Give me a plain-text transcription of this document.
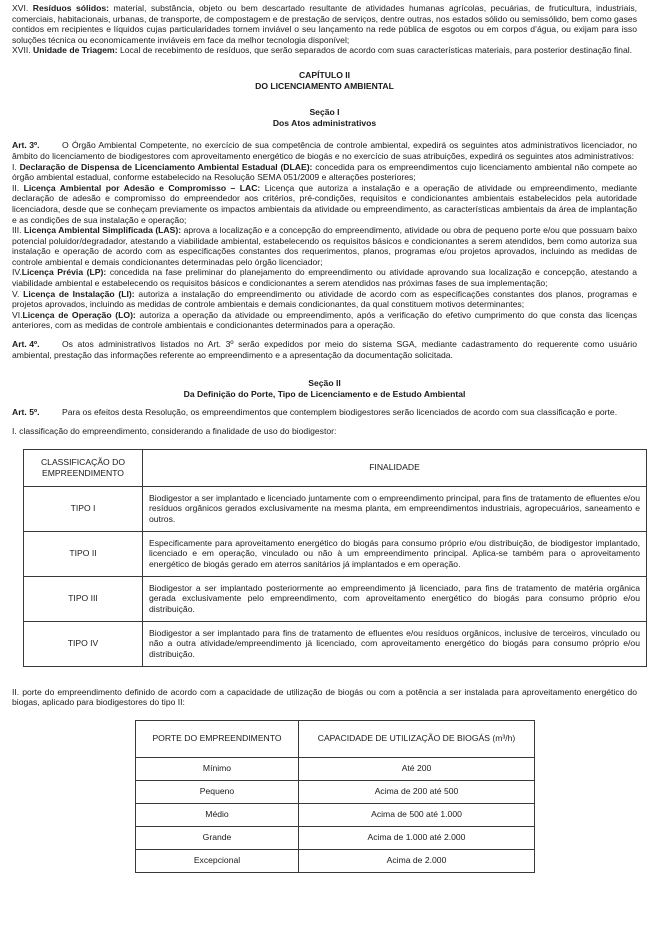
XVI. Resíduos sólidos: material, substância, objeto ou bem descartado resultante de atividades humanas agrícolas, pecuárias, de fruticultura, industriais, comerciais, habitacionais, urbanas, de transporte, de compostagem e de prestação de serviços, dentre outras, nos estados sólido ou semissólido, bem como gases contidos em recipientes e líquidos cujas particularidades tornem inviável o seu lançamento na rede pública de esgotos ou em corpos d’água, ou exijam para isso soluções técnica ou economicamente inviáveis em face da melhor tecnologia disponível;

XVII. Unidade de Triagem: Local de recebimento de resíduos, que serão separados de acordo com suas características materiais, para posterior destinação final.

CAPÍTULO II

DO LICENCIAMENTO AMBIENTAL

Seção I

Dos Atos administrativos

Art. 3º.	O Órgão Ambiental Competente, no exercício de sua competência de controle ambiental, expedirá os seguintes atos administrativos licenciador, no âmbito do licenciamento de biodigestores com aproveitamento energético de biogás e no exercício de suas atribuições, expedirá os seguintes atos administrativos:

I. Declaração de Dispensa de Licenciamento Ambiental Estadual (DLAE): concedida para os empreendimentos cujo licenciamento ambiental não compete ao órgão ambiental estadual, conforme estabelecido na Resolução SEMA 051/2009 e alterações posteriores;

II. Licença Ambiental por Adesão e Compromisso – LAC: Licença que autoriza a instalação e a operação de atividade ou empreendimento, mediante declaração de adesão e compromisso do empreendedor aos critérios, pré-condições, requisitos e condicionantes ambientais estabelecidos pela autoridade licenciadora, desde que se conheçam previamente os impactos ambientais da atividade ou empreendimento, as características ambientais da área de implantação e as condições de sua instalação e operação;

III. Licença Ambiental Simplificada (LAS): aprova a localização e a concepção do empreendimento, atividade ou obra de pequeno porte e/ou que possuam baixo potencial poluidor/degradador, atestando a viabilidade ambiental, estabelecendo os requisitos básicos e condicionantes a serem atendidos, bem como autoriza sua instalação e operação de acordo com as especificações constantes dos requerimentos, planos, programas e/ou projetos aprovados, incluindo as medidas de controle ambiental e demais condicionantes determinadas pelo órgão licenciador;

IV.Licença Prévia (LP): concedida na fase preliminar do planejamento do empreendimento ou atividade aprovando sua localização e concepção, atestando a viabilidade ambiental e estabelecendo os requisitos básicos e condicionantes a serem atendidos nas próximas fases de sua implementação;

V. Licença de Instalação (LI): autoriza a instalação do empreendimento ou atividade de acordo com as especificações constantes dos planos, programas e projetos aprovados, incluindo as medidas de controle ambientais e demais condicionantes, da qual constituem motivos determinantes;

VI.Licença de Operação (LO): autoriza a operação da atividade ou empreendimento, após a verificação do efetivo cumprimento do que consta das licenças anteriores, com as medidas de controle ambientais e condicionantes determinados para a operação.

Art. 4º.	Os atos administrativos listados no Art. 3º serão expedidos por meio do sistema SGA, mediante cadastramento do requerente como usuário ambiental, prestação das informações referente ao empreendimento e a apresentação da documentação solicitada.

Seção II

Da Definição do Porte, Tipo de Licenciamento e de Estudo Ambiental

Art. 5º.	Para os efeitos desta Resolução, os empreendimentos que contemplem biodigestores serão licenciados de acordo com sua classificação e porte.

I. classificação do empreendimento, considerando a finalidade de uso do biodigestor:

CLASSIFICAÇÃO DO EMPREENDIMENTO	FINALIDADE
TIPO I	Biodigestor a ser implantado e licenciado juntamente com o empreendimento principal, para fins de tratamento de efluentes e/ou resíduos orgânicos gerados exclusivamente na mesma planta, em empreendimentos industriais, agropecuários, saneamento e outros.
TIPO II	Especificamente para aproveitamento energético do biogás para consumo próprio e/ou distribuição, de biodigestor implantado, licenciado e em operação, vinculado ou não à um empreendimento principal. Aplica-se também para o aproveitamento energético de biogás gerado em aterros sanitários já implantados e em operação.
TIPO III	Biodigestor a ser implantado posteriormente ao empreendimento já licenciado, para fins de tratamento de matéria orgânica gerada exclusivamente pelo empreendimento, com aproveitamento energético do biogás para consumo próprio e/ou distribuição.
TIPO IV	Biodigestor a ser implantado para fins de tratamento de efluentes e/ou resíduos orgânicos, inclusive de terceiros, vinculado ou não a outra atividade/empreendimento já licenciado, com aproveitamento energético do biogás para consumo próprio e/ou distribuição.

II. porte do empreendimento definido de acordo com a capacidade de utilização de biogás ou com a potência a ser instalada para aproveitamento energético do biogas, aplicado para biodigestores do tipo II:

PORTE DO EMPREENDIMENTO	CAPACIDADE DE UTILIZAÇÃO DE BIOGÁS (m³/h)
Mínimo	Até 200
Pequeno	Acima de 200 até 500
Médio	Acima de 500 até 1.000
Grande	Acima de 1.000 até 2.000
Excepcional	Acima de 2.000
